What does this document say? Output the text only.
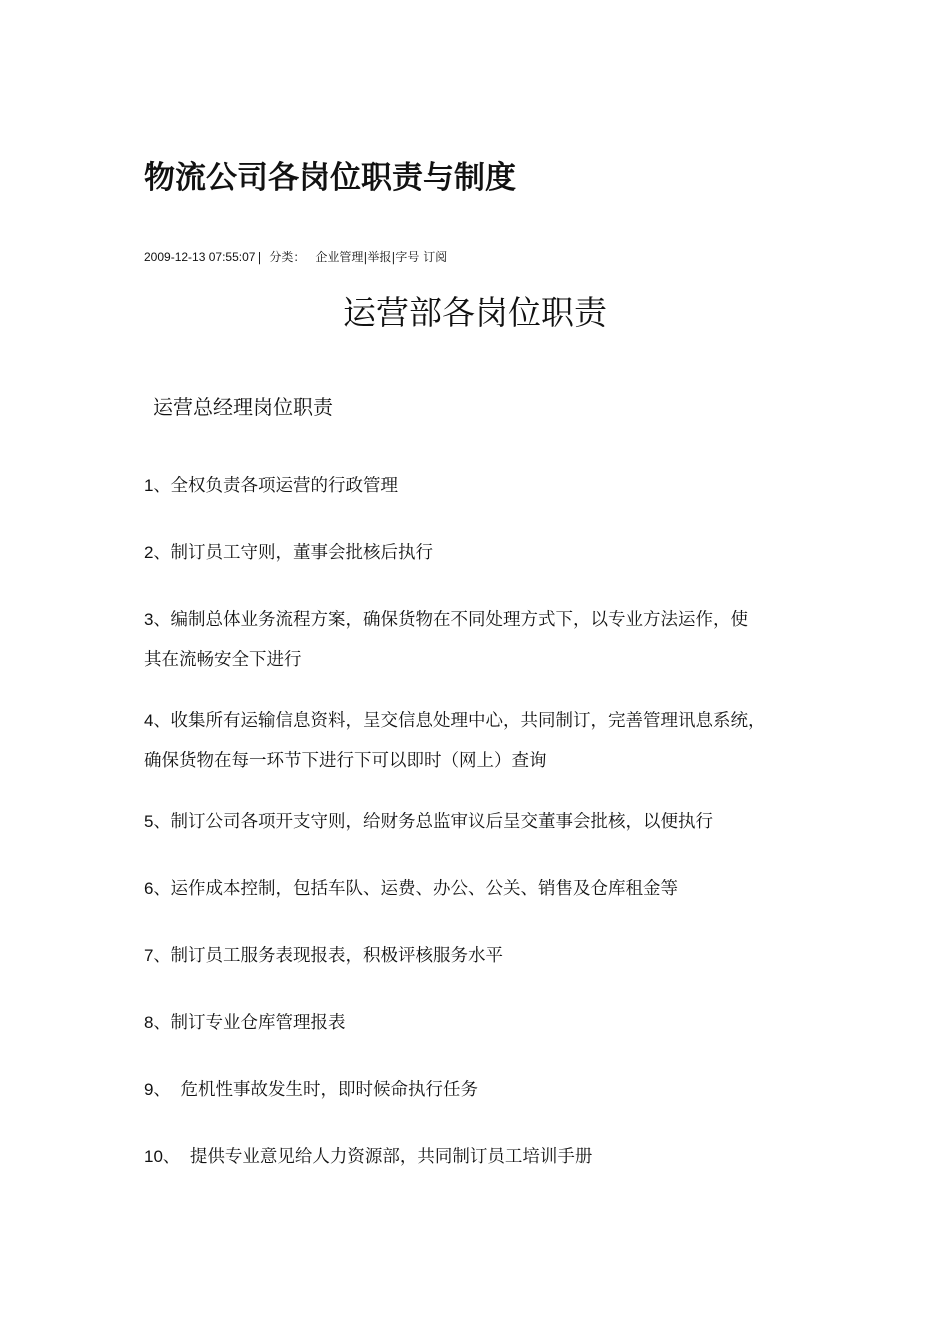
物流公司各岗位职责与制度
2009-12-13 07:55:07 | 分类： 企业管理|举报|字号 订阅
运营部各岗位职责
运营总经理岗位职责
1、全权负责各项运营的行政管理
2、制订员工守则，董事会批核后执行
3、编制总体业务流程方案，确保货物在不同处理方式下，以专业方法运作，使
其在流畅安全下进行
4、收集所有运输信息资料，呈交信息处理中心，共同制订，完善管理讯息系统，
确保货物在每一环节下进行下可以即时（网上）查询
5、制订公司各项开支守则，给财务总监审议后呈交董事会批核，以便执行
6、运作成本控制，包括车队、运费、办公、公关、销售及仓库租金等
7、制订员工服务表现报表，积极评核服务水平
8、制订专业仓库管理报表
9、 危机性事故发生时，即时候命执行任务
10、 提供专业意见给人力资源部，共同制订员工培训手册
